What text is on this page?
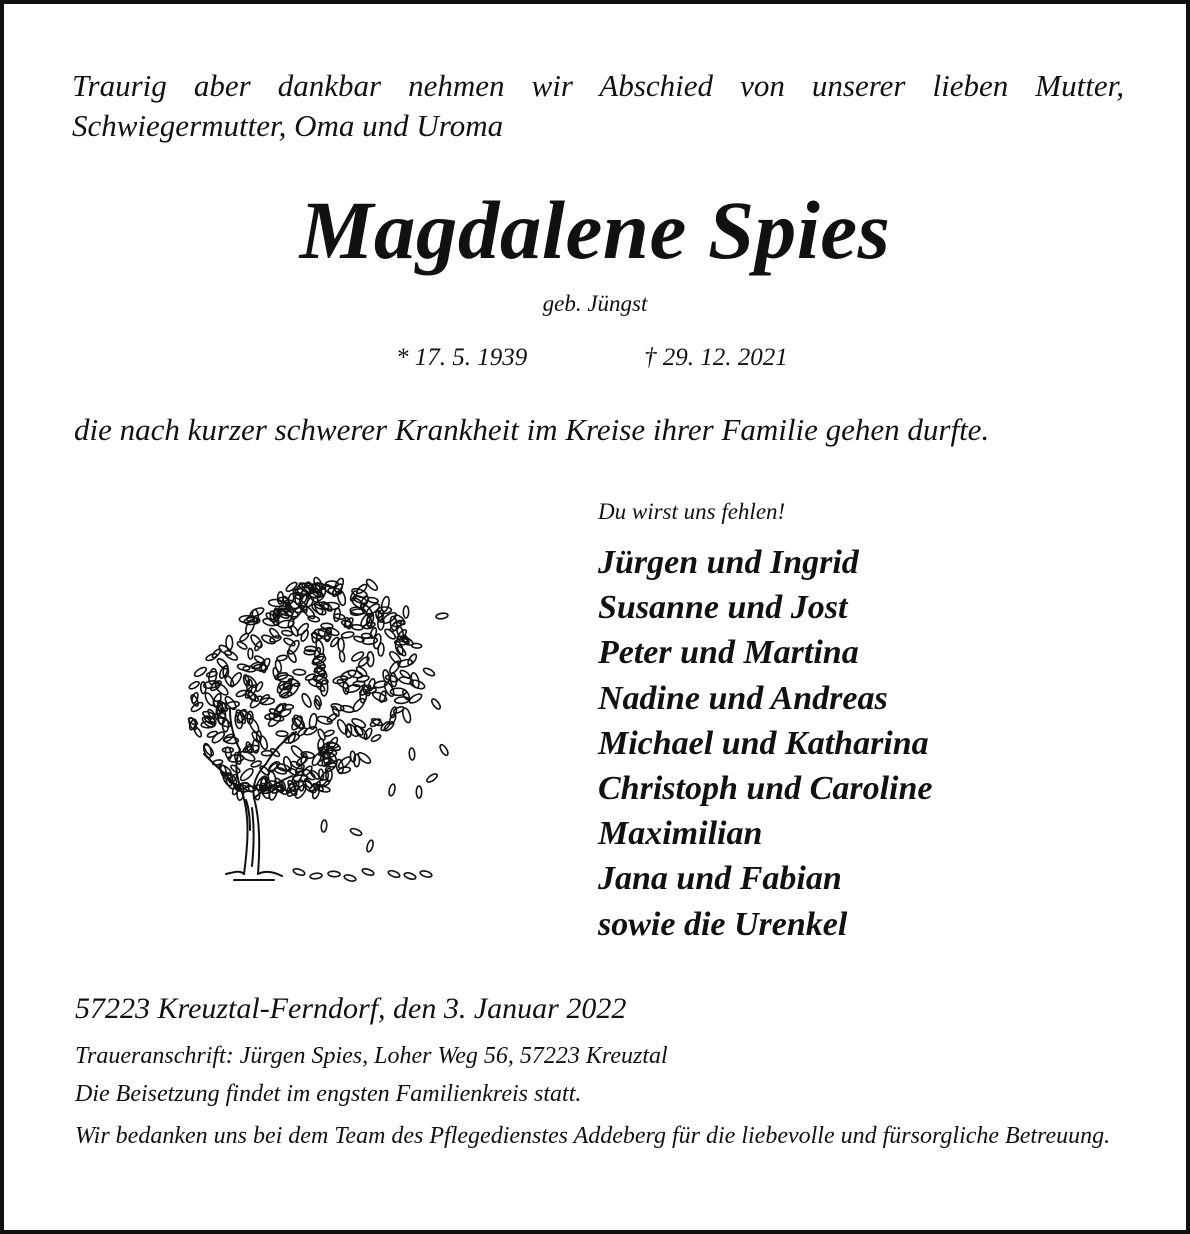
Traurig aber dankbar nehmen wir Abschied von unserer lieben Mutter, Schwiegermutter, Oma und Uroma

Magdalene Spies
geb. Jüngst
* 17. 5. 1939	† 29. 12. 2021

die nach kurzer schwerer Krankheit im Kreise ihrer Familie gehen durfte.

Du wirst uns fehlen!
Jürgen und Ingrid
Susanne und Jost
Peter und Martina
Nadine und Andreas
Michael und Katharina
Christoph und Caroline
Maximilian
Jana und Fabian
sowie die Urenkel

57223 Kreuztal-Ferndorf, den 3. Januar 2022

Traueranschrift: Jürgen Spies, Loher Weg 56, 57223 Kreuztal

Die Beisetzung findet im engsten Familienkreis statt.

Wir bedanken uns bei dem Team des Pflegedienstes Addeberg für die liebevolle und fürsorgliche Betreuung.
